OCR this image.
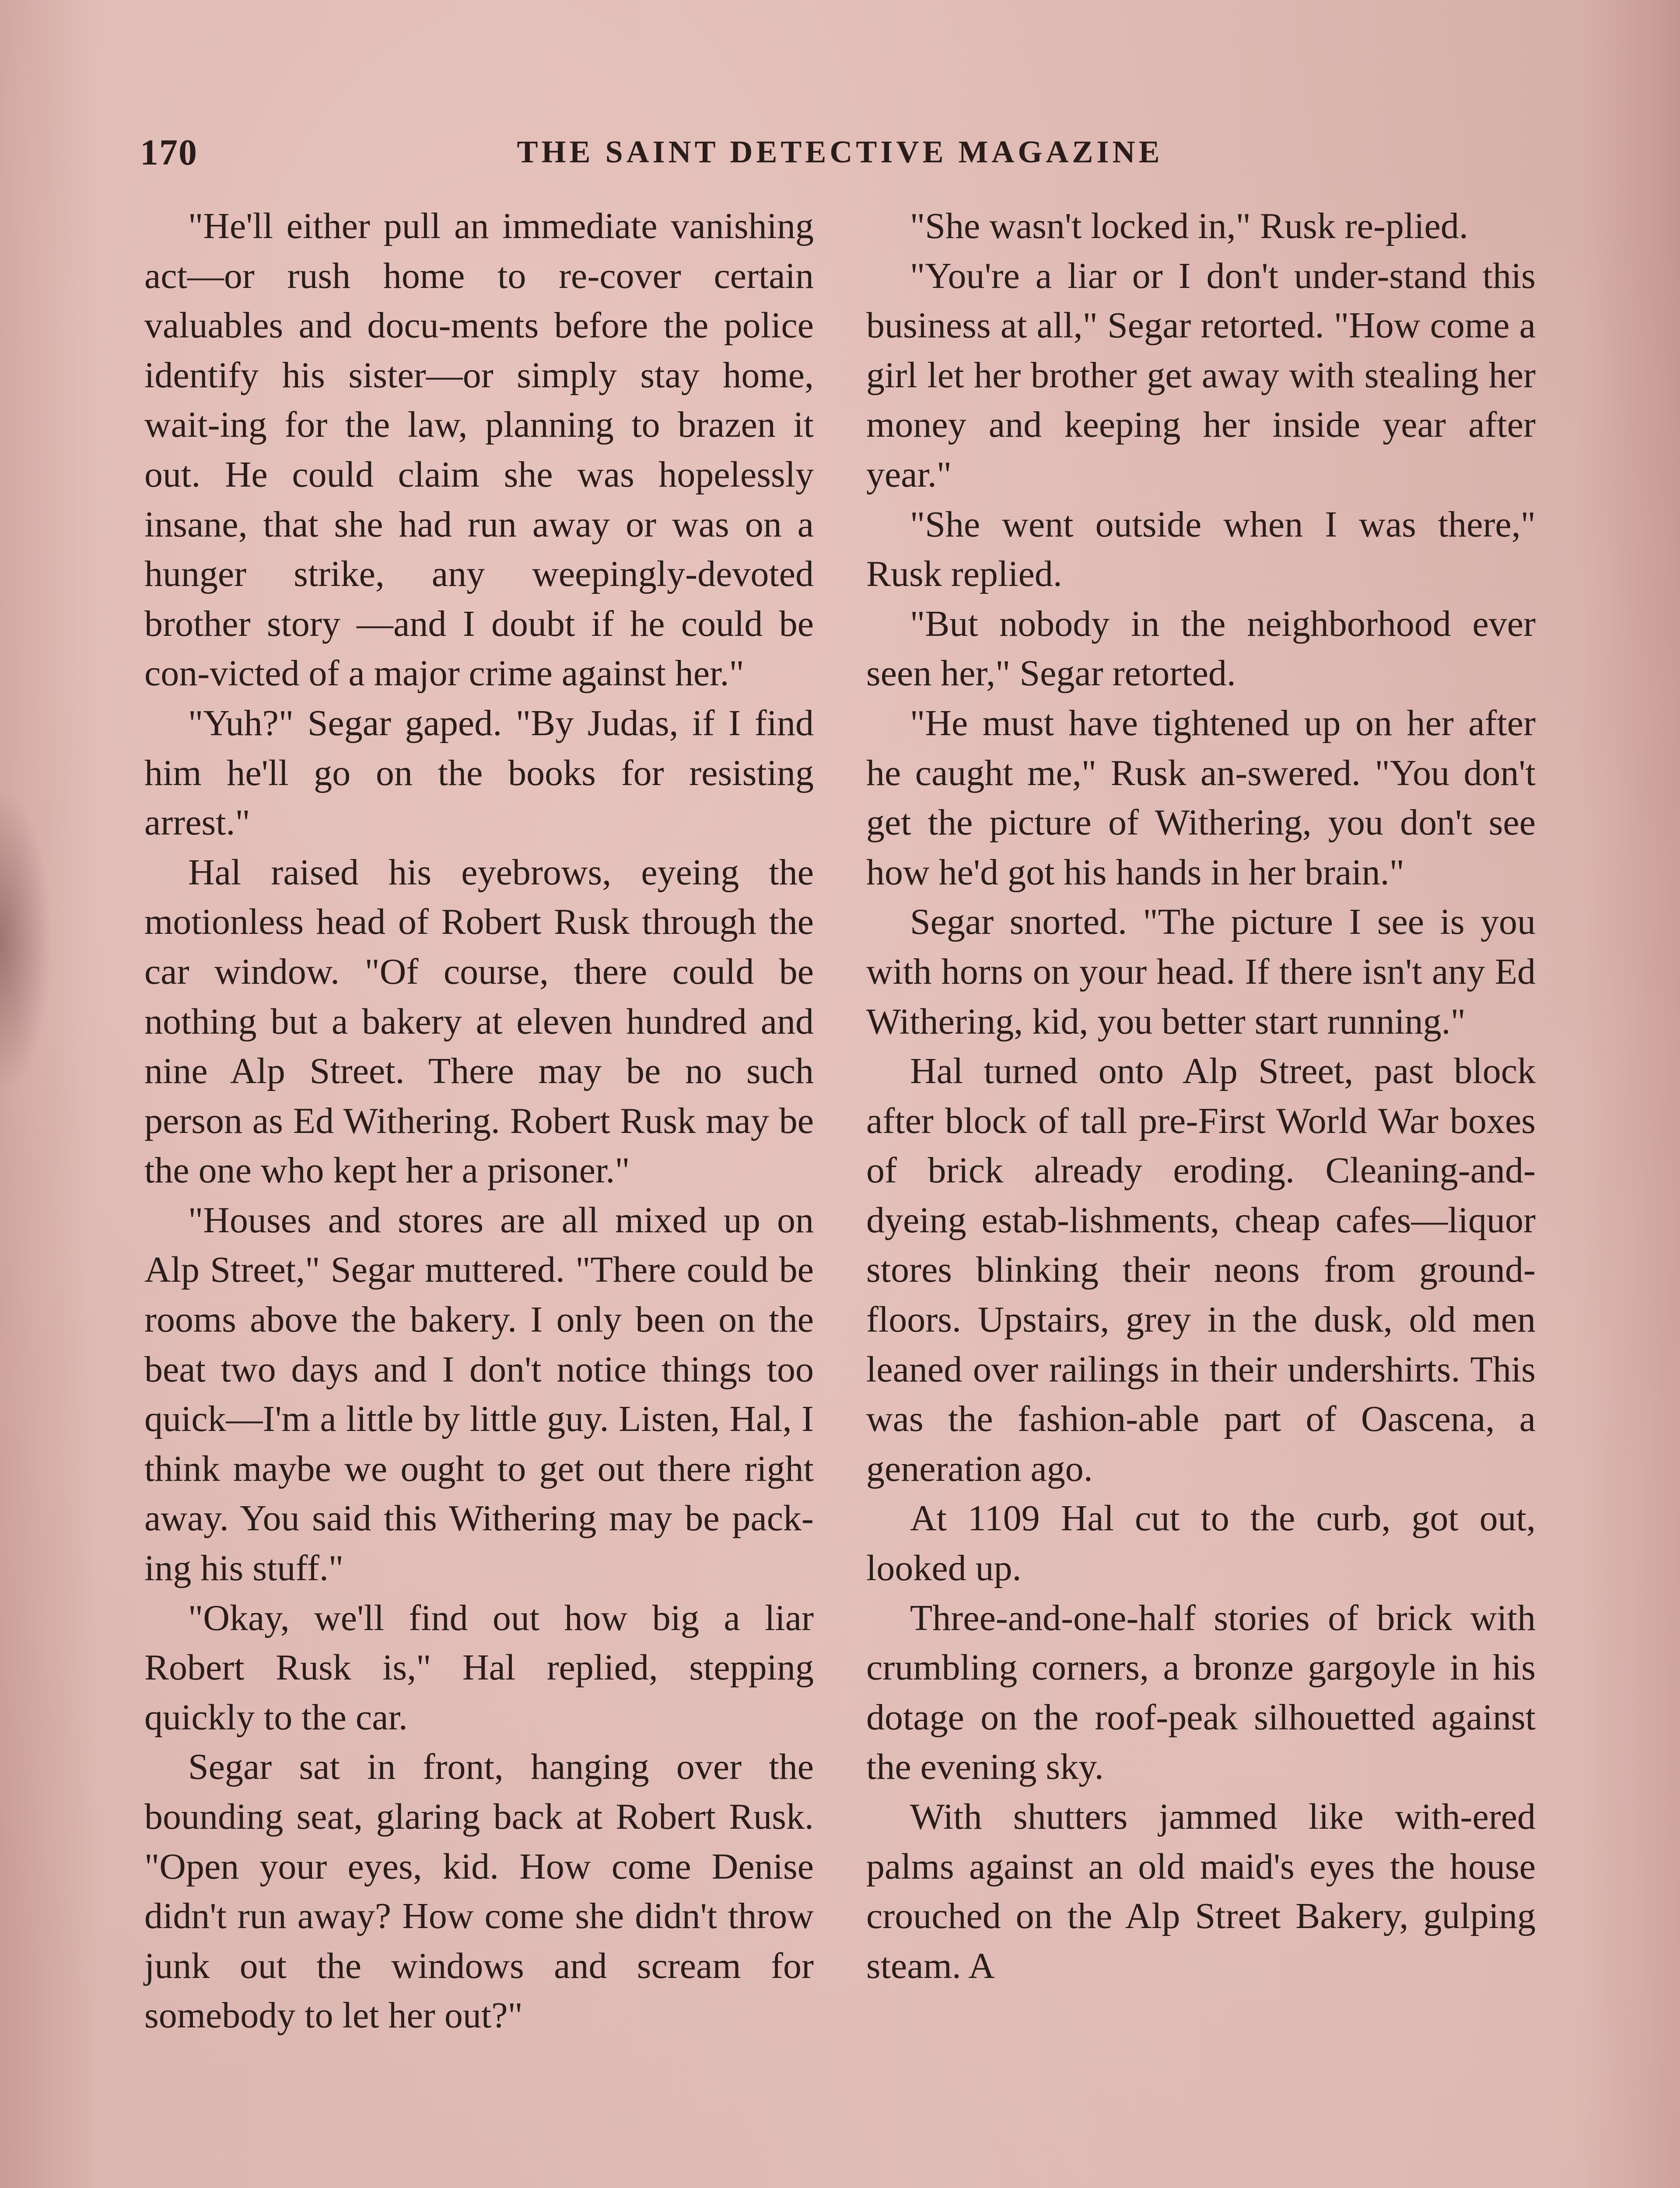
170	THE SAINT DETECTIVE MAGAZINE

"He'll either pull an immediate vanishing act—or rush home to re-cover certain valuables and docu-ments before the police identify his sister—or simply stay home, wait-ing for the law, planning to brazen it out. He could claim she was hopelessly insane, that she had run away or was on a hunger strike, any weepingly-devoted brother story —and I doubt if he could be con-victed of a major crime against her."

"Yuh?" Segar gaped. "By Judas, if I find him he'll go on the books for resisting arrest."

Hal raised his eyebrows, eyeing the motionless head of Robert Rusk through the car window. "Of course, there could be nothing but a bakery at eleven hundred and nine Alp Street. There may be no such person as Ed Withering. Robert Rusk may be the one who kept her a prisoner."

"Houses and stores are all mixed up on Alp Street," Segar muttered. "There could be rooms above the bakery. I only been on the beat two days and I don't notice things too quick—I'm a little by little guy. Listen, Hal, I think maybe we ought to get out there right away. You said this Withering may be pack-ing his stuff."

"Okay, we'll find out how big a liar Robert Rusk is," Hal replied, stepping quickly to the car.

Segar sat in front, hanging over the bounding seat, glaring back at Robert Rusk. "Open your eyes, kid. How come Denise didn't run away? How come she didn't throw junk out the windows and scream for somebody to let her out?"

"She wasn't locked in," Rusk re-plied.

"You're a liar or I don't under-stand this business at all," Segar retorted. "How come a girl let her brother get away with stealing her money and keeping her inside year after year."

"She went outside when I was there," Rusk replied.

"But nobody in the neighborhood ever seen her," Segar retorted.

"He must have tightened up on her after he caught me," Rusk an-swered. "You don't get the picture of Withering, you don't see how he'd got his hands in her brain."

Segar snorted. "The picture I see is you with horns on your head. If there isn't any Ed Withering, kid, you better start running."

Hal turned onto Alp Street, past block after block of tall pre-First World War boxes of brick already eroding. Cleaning-and-dyeing estab-lishments, cheap cafes—liquor stores blinking their neons from ground-floors. Upstairs, grey in the dusk, old men leaned over railings in their undershirts. This was the fashion-able part of Oascena, a generation ago.

At 1109 Hal cut to the curb, got out, looked up.

Three-and-one-half stories of brick with crumbling corners, a bronze gargoyle in his dotage on the roof-peak silhouetted against the evening sky.

With shutters jammed like with-ered palms against an old maid's eyes the house crouched on the Alp Street Bakery, gulping steam. A
